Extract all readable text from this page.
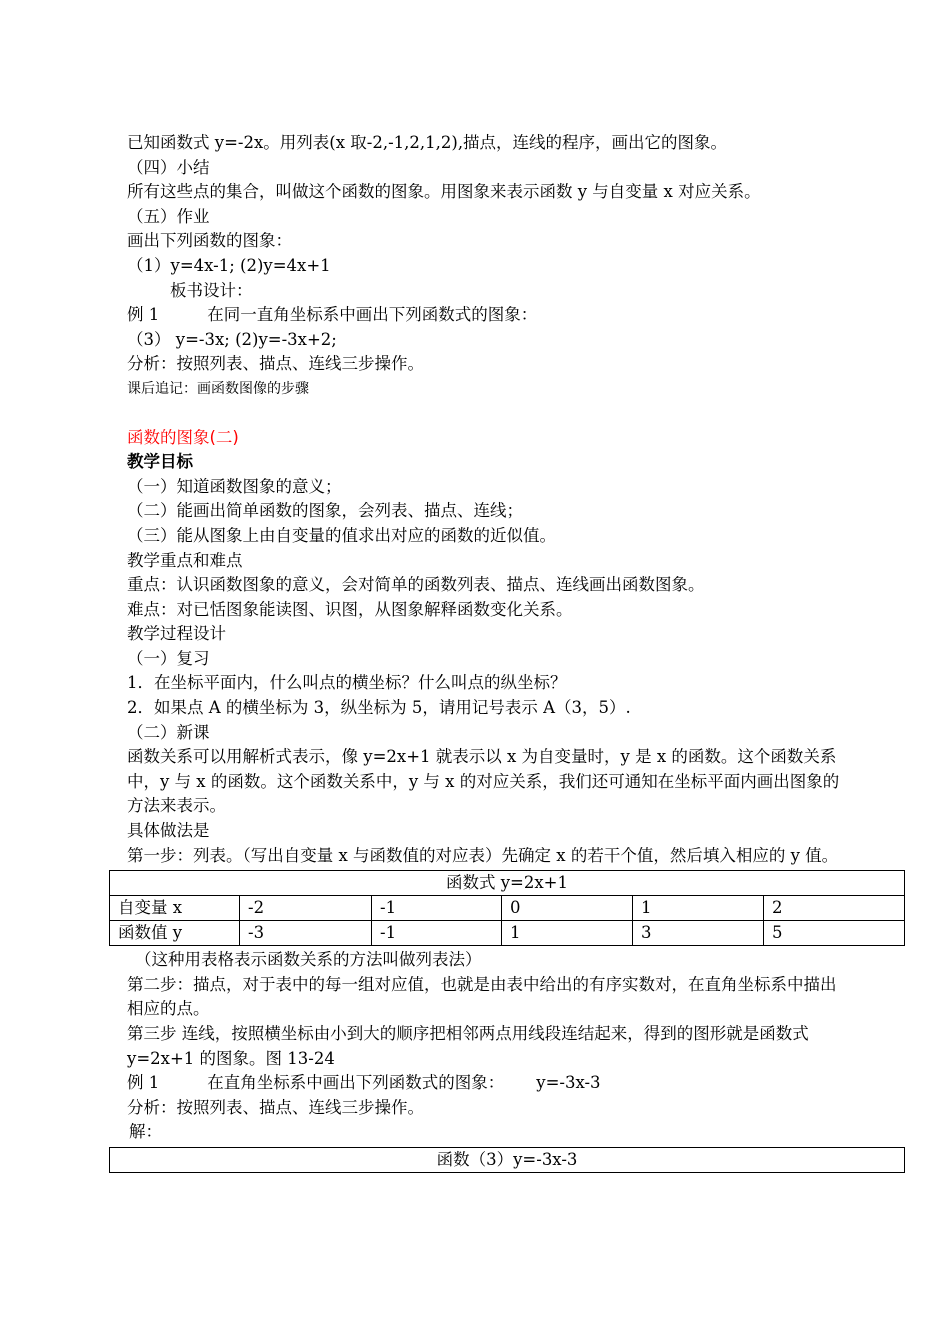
已知函数式 y=-2x。用列表(x 取-2,-1,2,1,2),描点，连线的程序，画出它的图象。
（四）小结
所有这些点的集合，叫做这个函数的图象。用图象来表示函数 y 与自变量 x 对应关系。
（五）作业
画出下列函数的图象：
（1）y=4x-1; (2)y=4x+1
板书设计：
例 1	在同一直角坐标系中画出下列函数式的图象：
（3） y=-3x; (2)y=-3x+2;
分析：按照列表、描点、连线三步操作。
课后追记：画函数图像的步骤
函数的图象(二)
教学目标
（一）知道函数图象的意义；
（二）能画出简单函数的图象，会列表、描点、连线；
（三）能从图象上由自变量的值求出对应的函数的近似值。
教学重点和难点
重点：认识函数图象的意义，会对简单的函数列表、描点、连线画出函数图象。
难点：对已恬图象能读图、识图，从图象解释函数变化关系。
教学过程设计
（一）复习
1．在坐标平面内，什么叫点的横坐标？什么叫点的纵坐标？
2．如果点 A 的横坐标为 3，纵坐标为 5，请用记号表示 A（3，5）.
（二）新课
函数关系可以用解析式表示，像 y=2x+1 就表示以 x 为自变量时，y 是 x 的函数。这个函数关系中，y 与 x 的函数。这个函数关系中，y 与 x 的对应关系，我们还可通知在坐标平面内画出图象的方法来表示。
具体做法是
第一步：列表。（写出自变量 x 与函数值的对应表）先确定 x 的若干个值，然后填入相应的 y 值。
函数式 y=2x+1					
自变量 x	-2	-1	0	1	2
函数值 y	-3	-1	1	3	5
（这种用表格表示函数关系的方法叫做列表法）
第二步：描点，对于表中的每一组对应值，也就是由表中给出的有序实数对，在直角坐标系中描出相应的点。
第三步 连线，按照横坐标由小到大的顺序把相邻两点用线段连结起来，得到的图形就是函数式 y=2x+1 的图象。图 13-24
例 1	在直角坐标系中画出下列函数式的图象： y=-3x-3
分析：按照列表、描点、连线三步操作。
解：
函数（3）y=-3x-3
